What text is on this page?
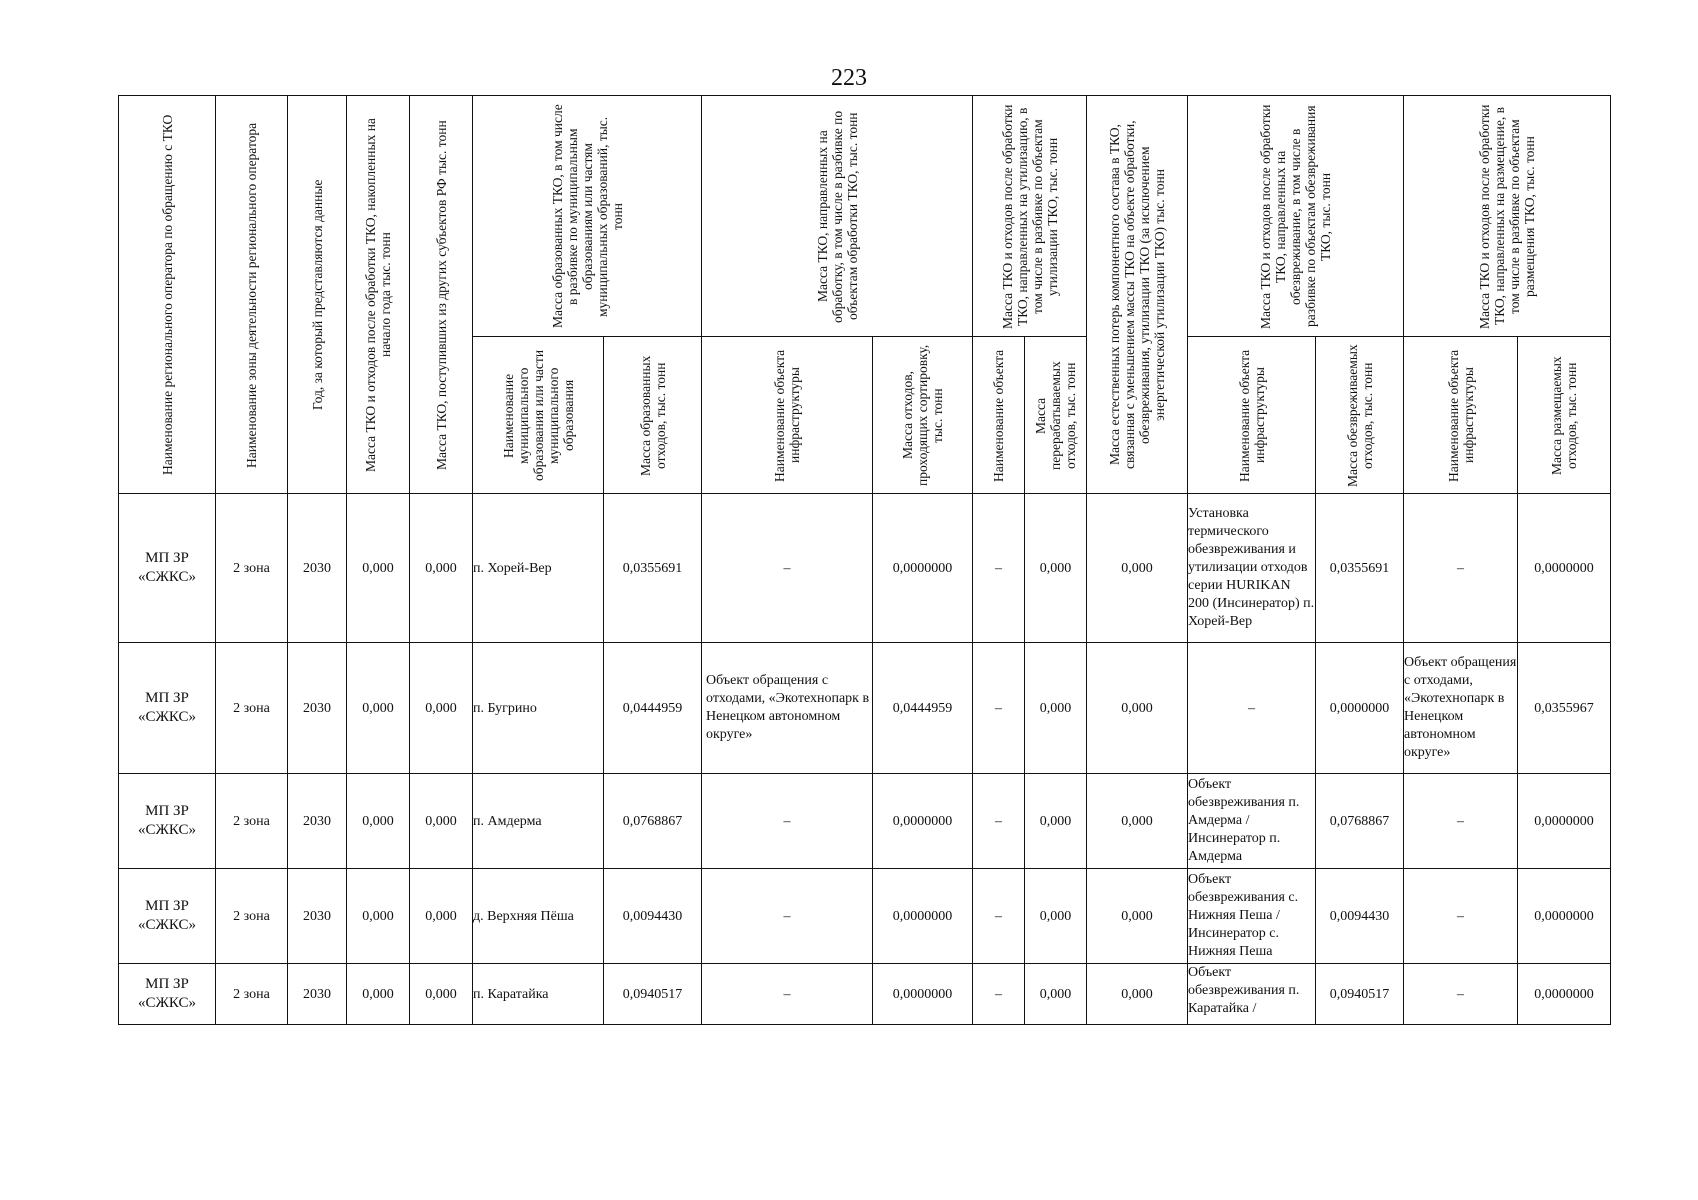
223
Наименование регионального оператора по обращению с ТКО	Наименование зоны деятельности регионального оператора	Год, за который представляются данные	Масса ТКО и отходов после обработки ТКО, накопленных на начало года тыс. тонн	Масса ТКО, поступивших из других субъектов РФ тыс. тонн	Масса образованных ТКО, в том числе в разбивке по муниципальным образованиям или частям муниципальных образований, тыс. тонн		Масса ТКО, направленных на обработку, в том числе в разбивке по объектам обработки ТКО, тыс. тонн		Масса ТКО и отходов после обработки ТКО, направленных на утилизацию, в том числе в разбивке по объектам утилизации ТКО, тыс. тонн		Масса естественных потерь компонентного состава в ТКО, связанная с уменьшением массы ТКО на объекте обработки, обезвреживания, утилизации ТКО (за исключением энергетической утилизации ТКО) тыс. тонн	Масса ТКО и отходов после обработки ТКО, направленных на обезвреживание, в том числе в разбивке по объектам обезвреживания ТКО, тыс. тонн		Масса ТКО и отходов после обработки ТКО, направленных на размещение, в том числе в разбивке по объектам размещения ТКО, тыс. тонн	

					Наименование муниципального образования или части муниципального образования	Масса образованных отходов, тыс. тонн	Наименование объекта инфраструктуры	Масса отходов, проходящих сортировку, тыс. тонн	Наименование объекта	Масса перерабатываемых отходов, тыс. тонн		Наименование объекта инфраструктуры	Масса обезвреживаемых отходов, тыс. тонн	Наименование объекта инфраструктуры	Масса размещаемых отходов, тыс. тонн

МП ЗР «СЖКС»	2 зона	2030	0,000	0,000	п. Хорей-Вер	0,0355691	–	0,0000000	–	0,000	0,000	Установка термического обезвреживания и утилизации отходов серии HURIKAN 200 (Инсинератор) п. Хорей-Вер	0,0355691	–	0,0000000
МП ЗР «СЖКС»	2 зона	2030	0,000	0,000	п. Бугрино	0,0444959	Объект обращения с отходами, «Экотехнопарк в Ненецком автономном округе»	0,0444959	–	0,000	0,000	–	0,0000000	Объект обращения с отходами, «Экотехнопарк в Ненецком автономном округе»	0,0355967
МП ЗР «СЖКС»	2 зона	2030	0,000	0,000	п. Амдерма	0,0768867	–	0,0000000	–	0,000	0,000	Объект обезвреживания п. Амдерма / Инсинератор п. Амдерма	0,0768867	–	0,0000000
МП ЗР «СЖКС»	2 зона	2030	0,000	0,000	д. Верхняя Пёша	0,0094430	–	0,0000000	–	0,000	0,000	Объект обезвреживания с. Нижняя Пеша / Инсинератор с. Нижняя Пеша	0,0094430	–	0,0000000
МП ЗР «СЖКС»	2 зона	2030	0,000	0,000	п. Каратайка	0,0940517	–	0,0000000	–	0,000	0,000	Объект обезвреживания п. Каратайка /	0,0940517	–	0,0000000
